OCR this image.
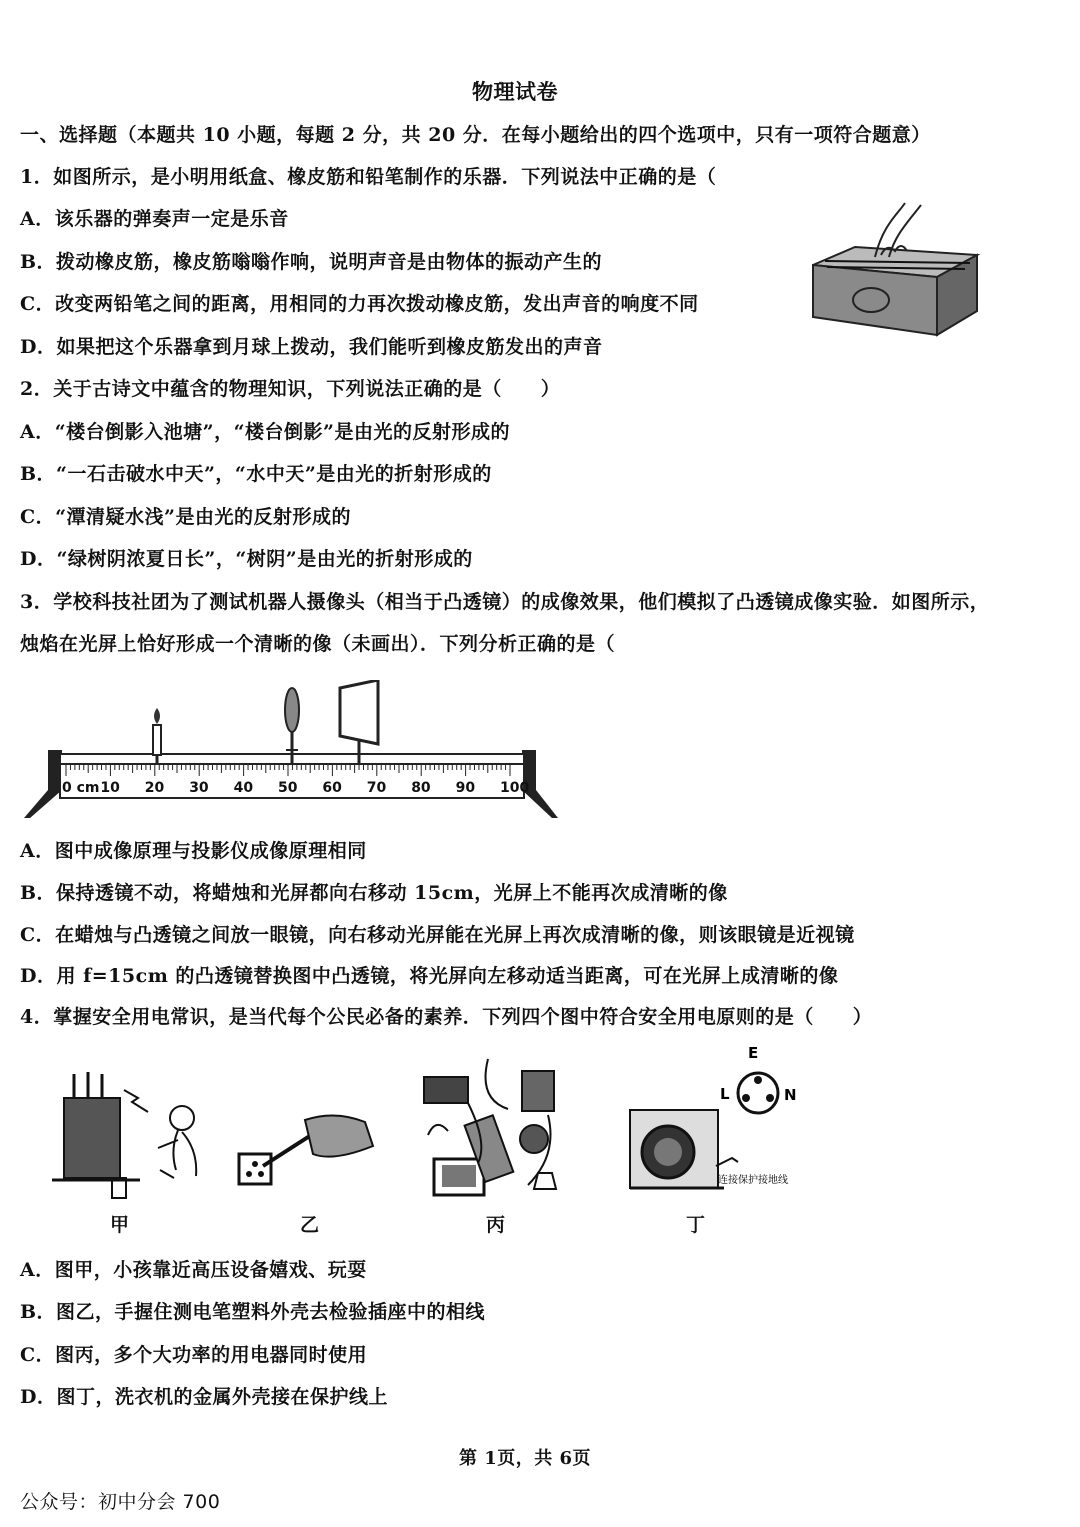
物理试卷
一、选择题（本题共 10 小题，每题 2 分，共 20 分．在每小题给出的四个选项中，只有一项符合题意）
1．如图所示，是小明用纸盒、橡皮筋和铅笔制作的乐器．下列说法中正确的是（
A．该乐器的弹奏声一定是乐音
B．拨动橡皮筋，橡皮筋嗡嗡作响，说明声音是由物体的振动产生的
C．改变两铅笔之间的距离，用相同的力再次拨动橡皮筋，发出声音的响度不同
D．如果把这个乐器拿到月球上拨动，我们能听到橡皮筋发出的声音
2．关于古诗文中蕴含的物理知识，下列说法正确的是（　　）
A．“楼台倒影入池塘”，“楼台倒影”是由光的反射形成的
B．“一石击破水中天”，“水中天”是由光的折射形成的
C．“潭清疑水浅”是由光的反射形成的
D．“绿树阴浓夏日长”，“树阴”是由光的折射形成的
3．学校科技社团为了测试机器人摄像头（相当于凸透镜）的成像效果，他们模拟了凸透镜成像实验．如图所示，
烛焰在光屏上恰好形成一个清晰的像（未画出）．下列分析正确的是（
0 cm 10 20 30 40 50 60 70 80 90 100
A．图中成像原理与投影仪成像原理相同
B．保持透镜不动，将蜡烛和光屏都向右移动 15cm，光屏上不能再次成清晰的像
C．在蜡烛与凸透镜之间放一眼镜，向右移动光屏能在光屏上再次成清晰的像，则该眼镜是近视镜
D．用 f=15cm 的凸透镜替换图中凸透镜，将光屏向左移动适当距离，可在光屏上成清晰的像
4．掌握安全用电常识，是当代每个公民必备的素养．下列四个图中符合安全用电原则的是（　　）
E
L	N
连接保护接地线
甲	乙	丙	丁
A．图甲，小孩靠近高压设备嬉戏、玩耍
B．图乙，手握住测电笔塑料外壳去检验插座中的相线
C．图丙，多个大功率的用电器同时使用
D．图丁，洗衣机的金属外壳接在保护线上
第 1页，共 6页
公众号：初中分会 700
